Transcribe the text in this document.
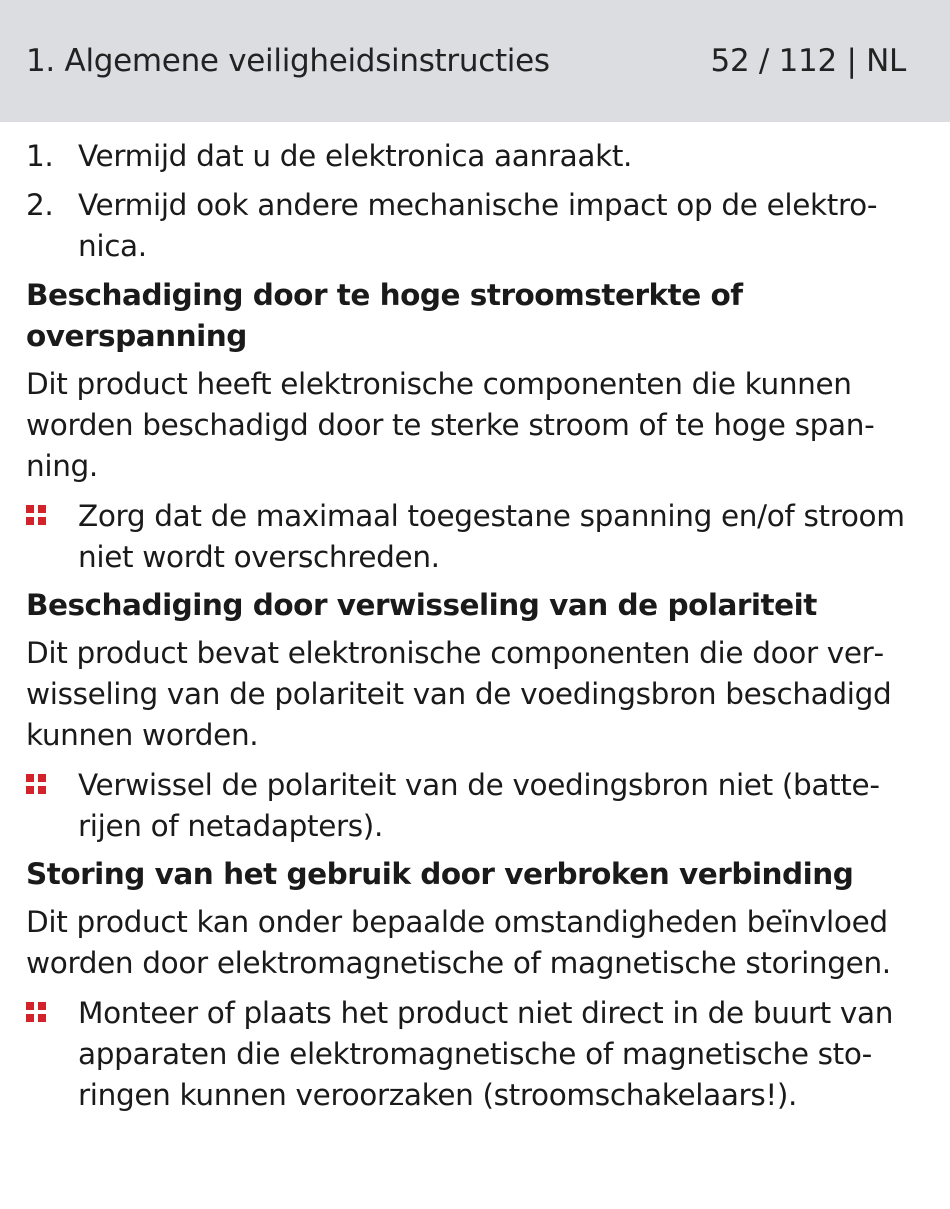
1. Algemene veiligheidsinstructies	52 / 112 | NL
1. Vermijd dat u de elektronica aanraakt.
2. Vermijd ook andere mechanische impact op de elektronica.
Beschadiging door te hoge stroomsterkte of overspanning
Dit product heeft elektronische componenten die kunnen worden beschadigd door te sterke stroom of te hoge spanning.
Zorg dat de maximaal toegestane spanning en/of stroom niet wordt overschreden.
Beschadiging door verwisseling van de polariteit
Dit product bevat elektronische componenten die door verwisseling van de polariteit van de voedingsbron beschadigd kunnen worden.
Verwissel de polariteit van de voedingsbron niet (batterijen of netadapters).
Storing van het gebruik door verbroken verbinding
Dit product kan onder bepaalde omstandigheden beïnvloed worden door elektromagnetische of magnetische storingen.
Monteer of plaats het product niet direct in de buurt van apparaten die elektromagnetische of magnetische storingen kunnen veroorzaken (stroomschakelaars!).
